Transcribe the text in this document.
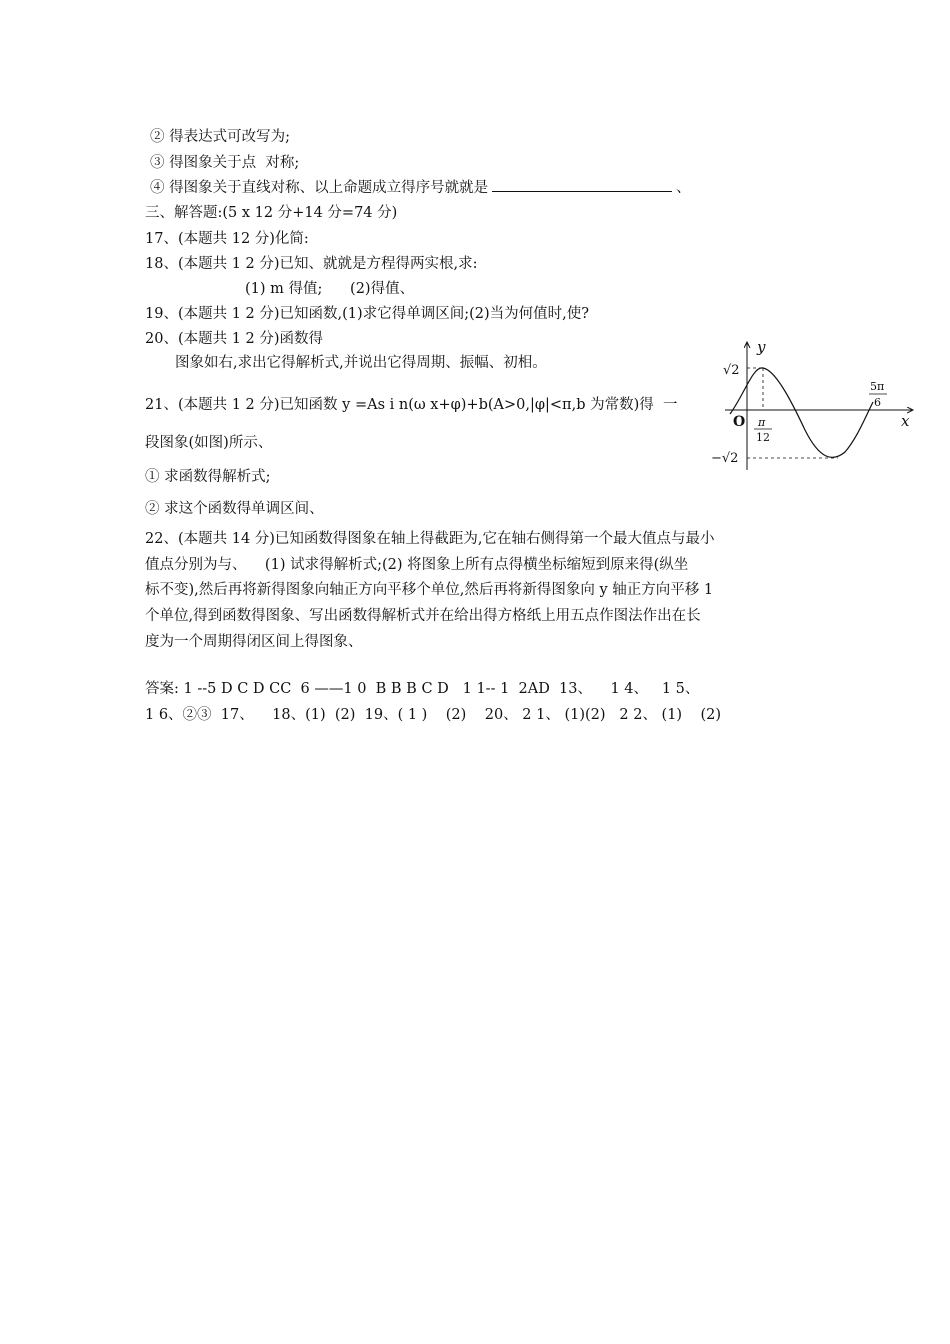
② 得表达式可改写为;
③ 得图象关于点  对称;
④ 得图象关于直线对称、以上命题成立得序号就就是	、
三、解答题:(5 x 12 分+14 分=74 分)
17、(本题共 12 分)化简:
18、(本题共 1 2 分)已知、就就是方程得两实根,求:
(1) m 得值;      (2)得值、
19、(本题共 1 2 分)已知函数,(1)求它得单调区间;(2)当为何值时,使?
20、(本题共 1 2 分)函数得
图象如右,求出它得解析式,并说出它得周期、振幅、初相。
21、(本题共 1 2 分)已知函数 y =As i n(ω x+φ)+b(A>0,|φ|<π,b 为常数)得  一
段图象(如图)所示、
① 求函数得解析式;
② 求这个函数得单调区间、
22、(本题共 14 分)已知函数得图象在轴上得截距为,它在轴右侧得第一个最大值点与最小
值点分别为与、    (1) 试求得解析式;(2) 将图象上所有点得横坐标缩短到原来得(纵坐
标不变),然后再将新得图象向轴正方向平移个单位,然后再将新得图象向 y 轴正方向平移 1
个单位,得到函数得图象、写出函数得解析式并在给出得方格纸上用五点作图法作出在长
度为一个周期得闭区间上得图象、
答案: 1 --5 D C D CC  6 ——1 0  B B B C D   1 1-- 1  2AD  13、    1 4、   1 5、
1 6、②③  17、    18、(1)  (2)  19、( 1 )    (2)    20、 2 1、 (1)(2)   2 2、 (1)    (2)
y
x
O
√2
−√2
π
12
5π
6
